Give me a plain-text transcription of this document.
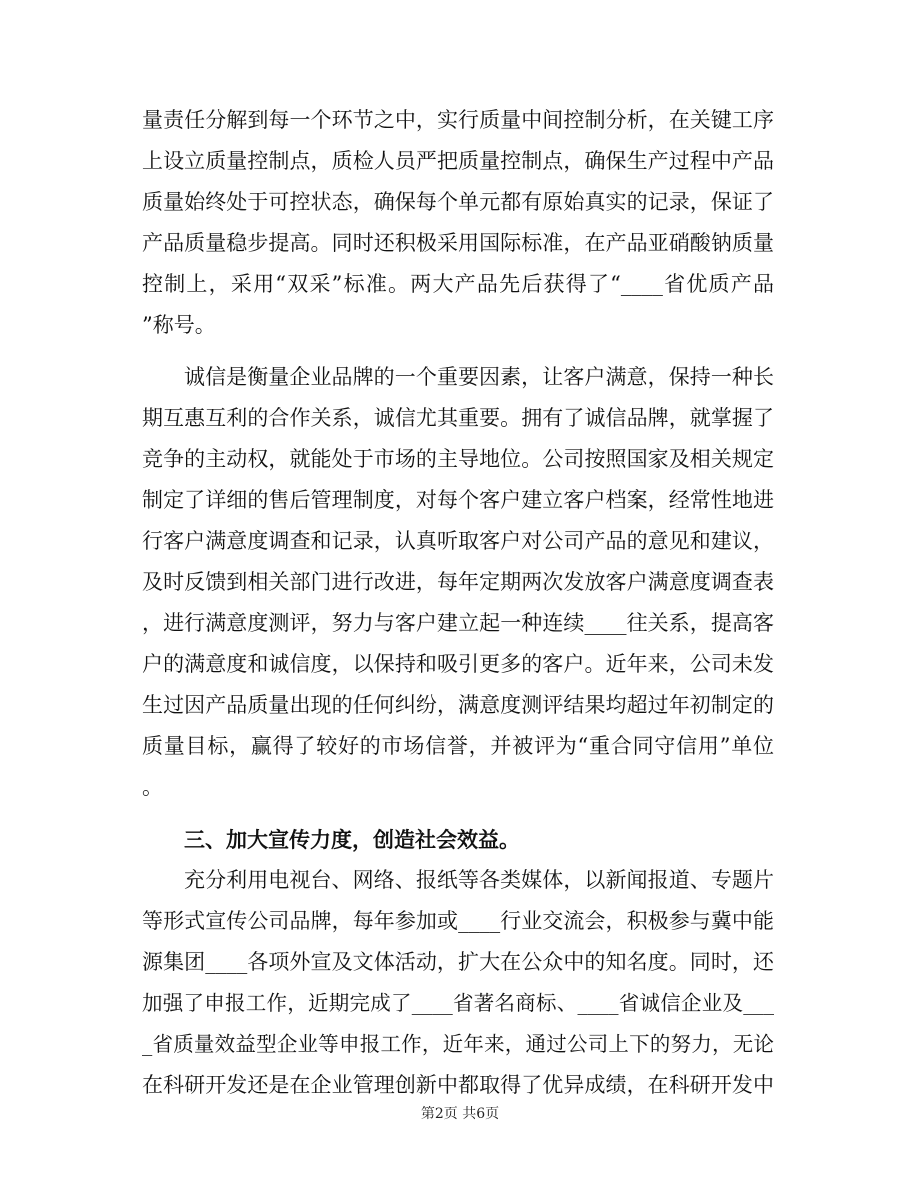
量责任分解到每一个环节之中，实行质量中间控制分析，在关键工序
上设立质量控制点，质检人员严把质量控制点，确保生产过程中产品
质量始终处于可控状态，确保每个单元都有原始真实的记录，保证了
产品质量稳步提高。同时还积极采用国际标准，在产品亚硝酸钠质量
控制上，采用“双采”标准。两大产品先后获得了“____省优质产品
”称号。
诚信是衡量企业品牌的一个重要因素，让客户满意，保持一种长
期互惠互利的合作关系，诚信尤其重要。拥有了诚信品牌，就掌握了
竞争的主动权，就能处于市场的主导地位。公司按照国家及相关规定
制定了详细的售后管理制度，对每个客户建立客户档案，经常性地进
行客户满意度调查和记录，认真听取客户对公司产品的意见和建议，
及时反馈到相关部门进行改进，每年定期两次发放客户满意度调查表
，进行满意度测评，努力与客户建立起一种连续____往关系，提高客
户的满意度和诚信度，以保持和吸引更多的客户。近年来，公司未发
生过因产品质量出现的任何纠纷，满意度测评结果均超过年初制定的
质量目标，赢得了较好的市场信誉，并被评为“重合同守信用”单位
。
三、加大宣传力度，创造社会效益。
充分利用电视台、网络、报纸等各类媒体，以新闻报道、专题片
等形式宣传公司品牌，每年参加或____行业交流会，积极参与冀中能
源集团____各项外宣及文体活动，扩大在公众中的知名度。同时，还
加强了申报工作，近期完成了____省著名商标、____省诚信企业及___
_省质量效益型企业等申报工作，近年来，通过公司上下的努力，无论
在科研开发还是在企业管理创新中都取得了优异成绩，在科研开发中
第2页 共6页
